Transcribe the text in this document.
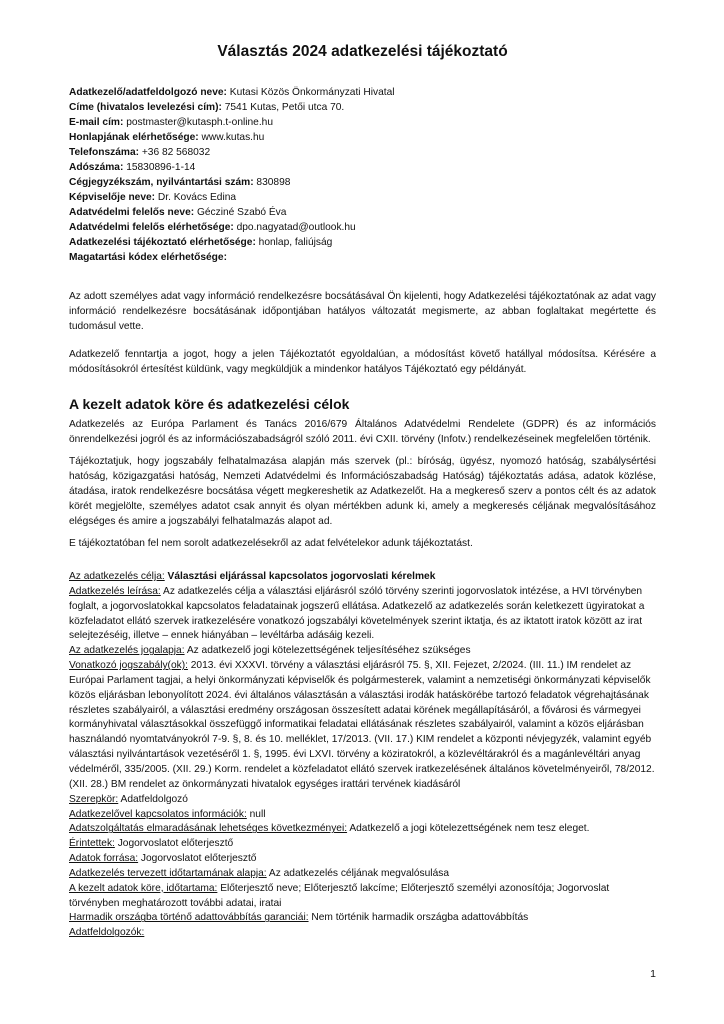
Választás 2024 adatkezelési tájékoztató
Adatkezelő/adatfeldolgozó neve: Kutasi Közös Önkormányzati Hivatal
Címe (hivatalos levelezési cím): 7541 Kutas, Petői utca 70.
E-mail cím: postmaster@kutasph.t-online.hu
Honlapjának elérhetősége: www.kutas.hu
Telefonszáma: +36 82 568032
Adószáma: 15830896-1-14
Cégjegyzékszám, nyilvántartási szám: 830898
Képviselője neve: Dr. Kovács Edina
Adatvédelmi felelős neve: Gécziné Szabó Éva
Adatvédelmi felelős elérhetősége: dpo.nagyatad@outlook.hu
Adatkezelési tájékoztató elérhetősége: honlap, faliújság
Magatartási kódex elérhetősége:

Az adott személyes adat vagy információ rendelkezésre bocsátásával Ön kijelenti, hogy Adatkezelési tájékoztatónak az adat vagy információ rendelkezésre bocsátásának időpontjában hatályos változatát megismerte, az abban foglaltakat megértette és tudomásul vette.

Adatkezelő fenntartja a jogot, hogy a jelen Tájékoztatót egyoldalúan, a módosítást követő hatállyal módosítsa. Kérésére a módosításokról értesítést küldünk, vagy megküldjük a mindenkor hatályos Tájékoztató egy példányát.

A kezelt adatok köre és adatkezelési célok

Adatkezelés az Európa Parlament és Tanács 2016/679 Általános Adatvédelmi Rendelete (GDPR) és az információs önrendelkezési jogról és az információszabadságról szóló 2011. évi CXII. törvény (Infotv.) rendelkezéseinek megfelelően történik.

Tájékoztatjuk, hogy jogszabály felhatalmazása alapján más szervek (pl.: bíróság, ügyész, nyomozó hatóság, szabálysértési hatóság, közigazgatási hatóság, Nemzeti Adatvédelmi és Információszabadság Hatóság) tájékoztatás adása, adatok közlése, átadása, iratok rendelkezésre bocsátása végett megkereshetik az Adatkezelőt. Ha a megkereső szerv a pontos célt és az adatok körét megjelölte, személyes adatot csak annyit és olyan mértékben adunk ki, amely a megkeresés céljának megvalósításához elégséges és amire a jogszabályi felhatalmazás alapot ad.

E tájékoztatóban fel nem sorolt adatkezelésekről az adat felvételekor adunk tájékoztatást.

Az adatkezelés célja: Választási eljárással kapcsolatos jogorvoslati kérelmek

Adatkezelés leírása: Az adatkezelés célja a választási eljárásról szóló törvény szerinti jogorvoslatok intézése, a HVI törvényben foglalt, a jogorvoslatokkal kapcsolatos feladatainak jogszerű ellátása. Adatkezelő az adatkezelés során keletkezett ügyiratokat a közfeladatot ellátó szervek iratkezelésére vonatkozó jogszabályi követelmények szerint iktatja, és az iktatott iratok között az irat selejtezéséig, illetve – ennek hiányában – levéltárba adásáig kezeli.

Az adatkezelés jogalapja: Az adatkezelő jogi kötelezettségének teljesítéséhez szükséges

Vonatkozó jogszabály(ok): 2013. évi XXXVI. törvény a választási eljárásról 75. §, XII. Fejezet, 2/2024. (III. 11.) IM rendelet az Európai Parlament tagjai, a helyi önkormányzati képviselők és polgármesterek, valamint a nemzetiségi önkormányzati képviselők közös eljárásban lebonyolított 2024. évi általános választásán a választási irodák hatáskörébe tartozó feladatok végrehajtásának részletes szabályairól, a választási eredmény országosan összesített adatai körének megállapításáról, a fővárosi és vármegyei kormányhivatal választásokkal összefüggő informatikai feladatai ellátásának részletes szabályairól, valamint a közös eljárásban használandó nyomtatványokról 7-9. §, 8. és 10. melléklet, 17/2013. (VII. 17.) KIM rendelet a központi névjegyzék, valamint egyéb választási nyilvántartások vezetéséről 1. §, 1995. évi LXVI. törvény a köziratokról, a közlevéltárakról és a magánlevéltári anyag védelméről, 335/2005. (XII. 29.) Korm. rendelet a közfeladatot ellátó szervek iratkezelésének általános követelményeiről, 78/2012. (XII. 28.) BM rendelet az önkormányzati hivatalok egységes irattári tervének kiadásáról

Szerepkör: Adatfeldolgozó

Adatkezelővel kapcsolatos információk: null

Adatszolgáltatás elmaradásának lehetséges következményei: Adatkezelő a jogi kötelezettségének nem tesz eleget.

Érintettek: Jogorvoslatot előterjesztő

Adatok forrása: Jogorvoslatot előterjesztő

Adatkezelés tervezett időtartamának alapja: Az adatkezelés céljának megvalósulása

A kezelt adatok köre, időtartama: Előterjesztő neve; Előterjesztő lakcíme; Előterjesztő személyi azonosítója; Jogorvoslat törvényben meghatározott további adatai, iratai

Harmadik országba történő adattovábbítás garanciái: Nem történik harmadik országba adattovábbítás

Adatfeldolgozók:

1
